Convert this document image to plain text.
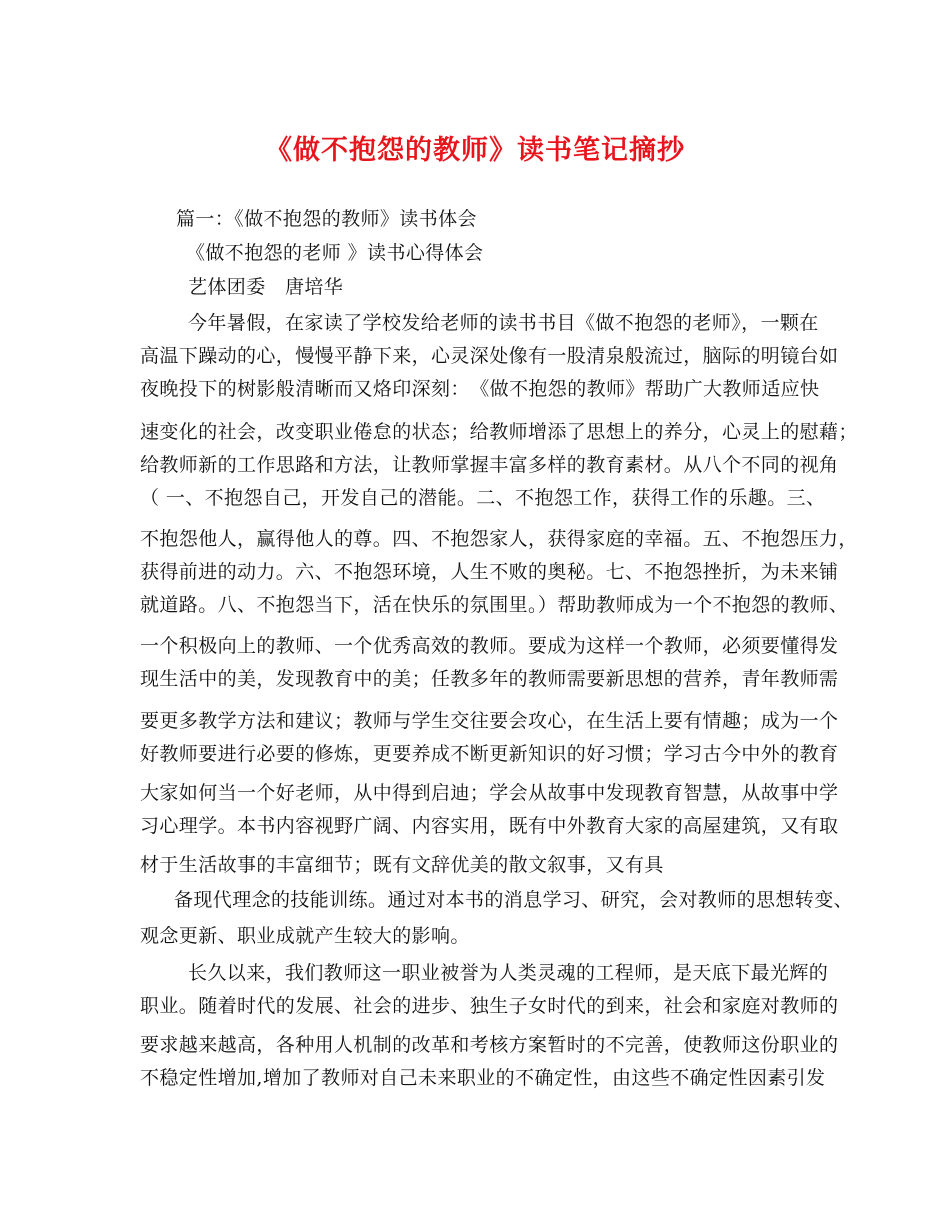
《做不抱怨的教师》读书笔记摘抄
篇一：《做不抱怨的教师》读书体会
《做不抱怨的老师 》读书心得体会
艺体团委　唐培华
今年暑假，在家读了学校发给老师的读书书目《做不抱怨的老师》，一颗在
高温下躁动的心，慢慢平静下来，心灵深处像有一股清泉般流过，脑际的明镜台如
夜晚投下的树影般清晰而又烙印深刻：　《做不抱怨的教师》帮助广大教师适应快
速变化的社会，改变职业倦怠的状态；给教师增添了思想上的养分，心灵上的慰藉；
给教师新的工作思路和方法，让教师掌握丰富多样的教育素材。从八个不同的视角
（ 一、不抱怨自己，开发自己的潜能。二、不抱怨工作，获得工作的乐趣。三、
不抱怨他人，赢得他人的尊。四、不抱怨家人，获得家庭的幸福。五、不抱怨压力，
获得前进的动力。六、不抱怨环境，人生不败的奥秘。七、不抱怨挫折，为未来铺
就道路。八、不抱怨当下，活在快乐的氛围里。）帮助教师成为一个不抱怨的教师、
一个积极向上的教师、一个优秀高效的教师。要成为这样一个教师，必须要懂得发
现生活中的美，发现教育中的美；任教多年的教师需要新思想的营养，青年教师需
要更多教学方法和建议；教师与学生交往要会攻心，在生活上要有情趣；成为一个
好教师要进行必要的修炼，更要养成不断更新知识的好习惯；学习古今中外的教育
大家如何当一个好老师，从中得到启迪；学会从故事中发现教育智慧，从故事中学
习心理学。本书内容视野广阔、内容实用，既有中外教育大家的高屋建筑，又有取
材于生活故事的丰富细节；既有文辞优美的散文叙事，又有具
备现代理念的技能训练。通过对本书的消息学习、研究，会对教师的思想转变、
观念更新、职业成就产生较大的影响。
长久以来，我们教师这一职业被誉为人类灵魂的工程师，是天底下最光辉的
职业。随着时代的发展、社会的进步、独生子女时代的到来，社会和家庭对教师的
要求越来越高，各种用人机制的改革和考核方案暂时的不完善，使教师这份职业的
不稳定性增加,增加了教师对自己未来职业的不确定性，由这些不确定性因素引发
